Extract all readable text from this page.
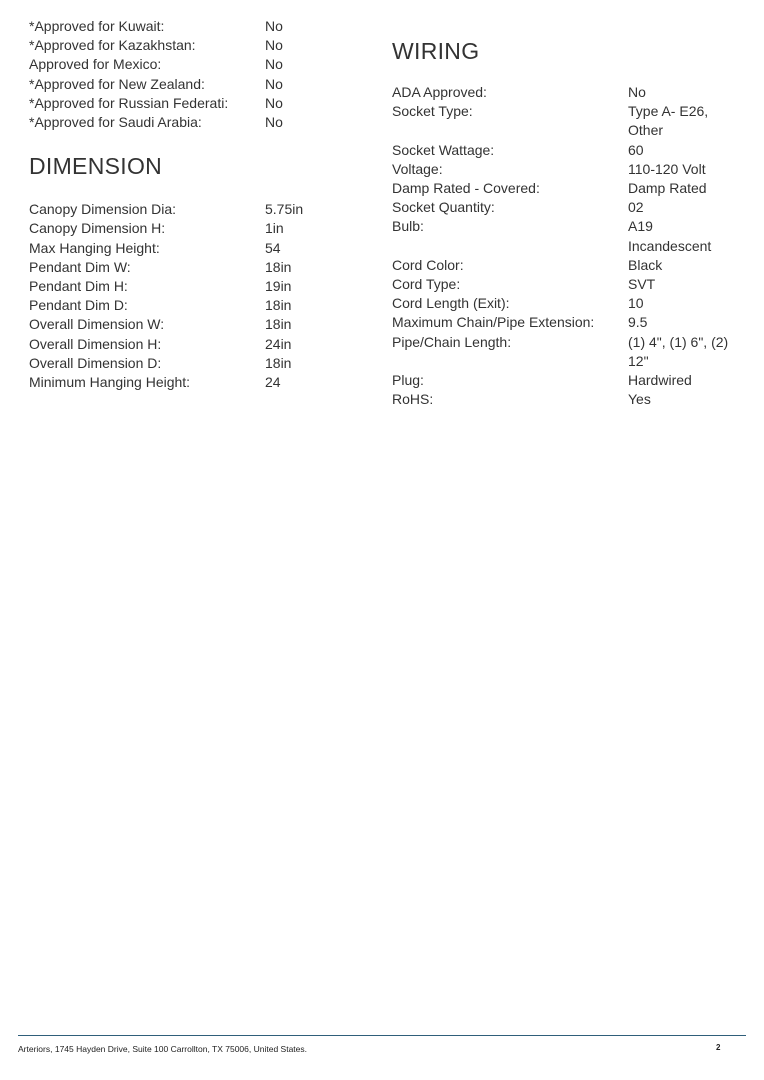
*Approved for Kuwait:	No
*Approved for Kazakhstan:	No
Approved for Mexico:	No
*Approved for New Zealand:	No
*Approved for Russian Federati:	No
*Approved for Saudi Arabia:	No
DIMENSION
Canopy Dimension Dia:	5.75in
Canopy Dimension H:	1in
Max Hanging Height:	54
Pendant Dim W:	18in
Pendant Dim H:	19in
Pendant Dim D:	18in
Overall Dimension W:	18in
Overall Dimension H:	24in
Overall Dimension D:	18in
Minimum Hanging Height:	24
WIRING
ADA Approved:	No
Socket Type:	Type A- E26,
Other
Socket Wattage:	60
Voltage:	110-120 Volt
Damp Rated - Covered:	Damp Rated
Socket Quantity:	02
Bulb:	A19
Incandescent
Cord Color:	Black
Cord Type:	SVT
Cord Length (Exit):	10
Maximum Chain/Pipe Extension:	9.5
Pipe/Chain Length:	(1) 4", (1) 6", (2)
12"
Plug:	Hardwired
RoHS:	Yes
Arteriors, 1745 Hayden Drive, Suite 100 Carrollton, TX 75006, United States.	2
